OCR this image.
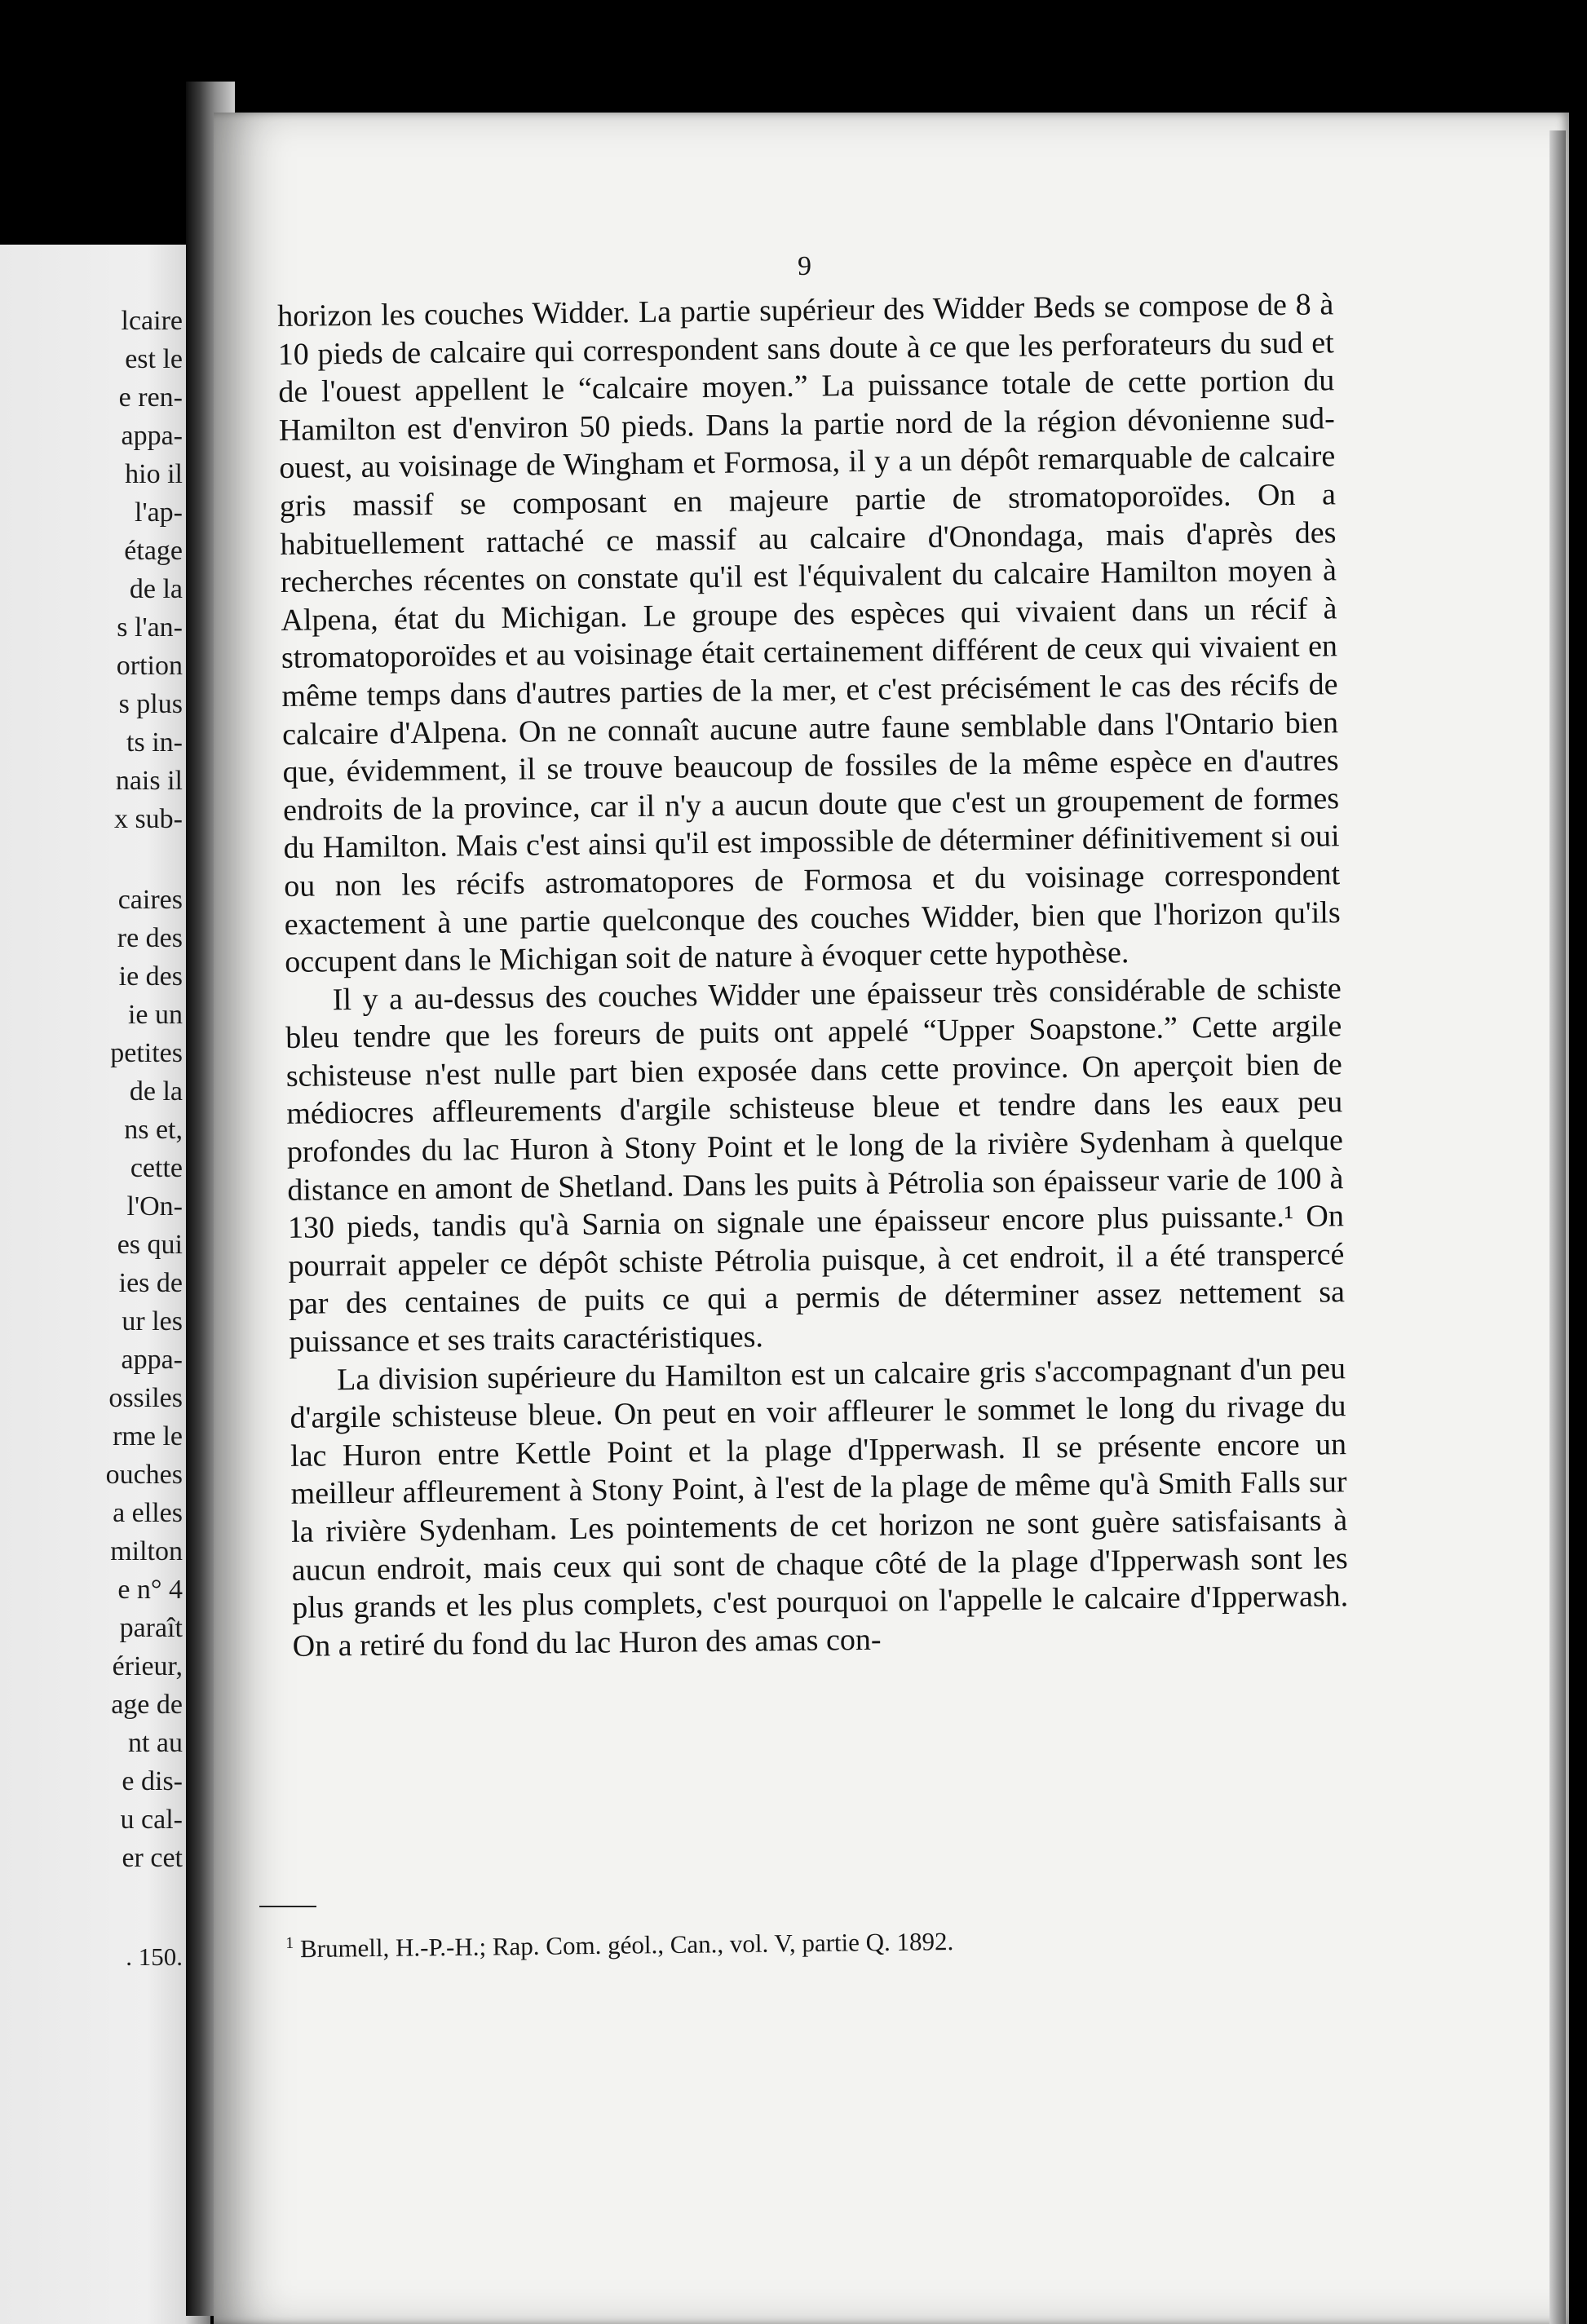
lcaire
est le
e ren-
appa-
hio il
l'ap-
étage
de la
s l'an-
ortion
s plus
ts in-
nais il
x sub-
caires
re des
ie des
ie un
petites
de la
ns et,
cette
l'On-
es qui
ies de
ur les
appa-
ossiles
rme le
ouches
a elles
milton
e n° 4
paraît
érieur,
age de
nt au
e dis-
u cal-
er cet
. 150.
9

horizon les couches Widder. La partie supérieur des Widder Beds se compose de 8 à 10 pieds de calcaire qui correspondent sans doute à ce que les perforateurs du sud et de l'ouest appellent le “calcaire moyen.” La puissance totale de cette portion du Hamilton est d'environ 50 pieds. Dans la partie nord de la région dévonienne sud-ouest, au voisinage de Wingham et Formosa, il y a un dépôt remarquable de calcaire gris massif se composant en majeure partie de stromatoporoïdes. On a habituellement rattaché ce massif au calcaire d'Onondaga, mais d'après des recherches récentes on constate qu'il est l'équivalent du calcaire Hamilton moyen à Alpena, état du Michigan. Le groupe des espèces qui vivaient dans un récif à stromatoporoïdes et au voisinage était certainement différent de ceux qui vivaient en même temps dans d'autres parties de la mer, et c'est précisément le cas des récifs de calcaire d'Alpena. On ne connaît aucune autre faune semblable dans l'Ontario bien que, évidemment, il se trouve beaucoup de fossiles de la même espèce en d'autres endroits de la province, car il n'y a aucun doute que c'est un groupement de formes du Hamilton. Mais c'est ainsi qu'il est impossible de déterminer définitivement si oui ou non les récifs astromatopores de Formosa et du voisinage correspondent exactement à une partie quelconque des couches Widder, bien que l'horizon qu'ils occupent dans le Michigan soit de nature à évoquer cette hypothèse.

Il y a au-dessus des couches Widder une épaisseur très considérable de schiste bleu tendre que les foreurs de puits ont appelé “Upper Soapstone.” Cette argile schisteuse n'est nulle part bien exposée dans cette province. On aperçoit bien de médiocres affleurements d'argile schisteuse bleue et tendre dans les eaux peu profondes du lac Huron à Stony Point et le long de la rivière Sydenham à quelque distance en amont de Shetland. Dans les puits à Pétrolia son épaisseur varie de 100 à 130 pieds, tandis qu'à Sarnia on signale une épaisseur encore plus puissante.¹ On pourrait appeler ce dépôt schiste Pétrolia puisque, à cet endroit, il a été transpercé par des centaines de puits ce qui a permis de déterminer assez nettement sa puissance et ses traits caractéristiques.

La division supérieure du Hamilton est un calcaire gris s'accompagnant d'un peu d'argile schisteuse bleue. On peut en voir affleurer le sommet le long du rivage du lac Huron entre Kettle Point et la plage d'Ipperwash. Il se présente encore un meilleur affleurement à Stony Point, à l'est de la plage de même qu'à Smith Falls sur la rivière Sydenham. Les pointements de cet horizon ne sont guère satisfaisants à aucun endroit, mais ceux qui sont de chaque côté de la plage d'Ipperwash sont les plus grands et les plus complets, c'est pourquoi on l'appelle le calcaire d'Ipperwash. On a retiré du fond du lac Huron des amas con-

$^1$ Brumell, H.-P.-H.; Rap. Com. géol., Can., vol. V, partie Q. 1892.
